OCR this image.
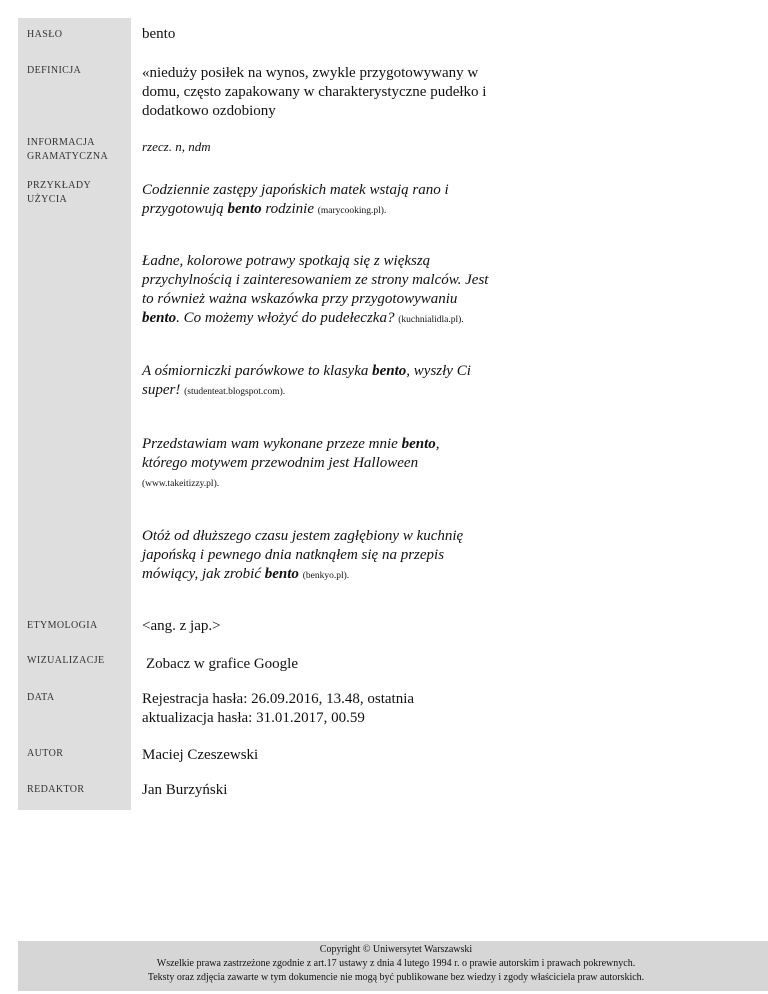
HASŁO
DEFINICJA
INFORMACJA
GRAMATYCZNA
PRZYKŁADY
UŻYCIA
ETYMOLOGIA
WIZUALIZACJE
DATA
AUTOR
REDAKTOR
bento
«niedużу posiłek na wynos, zwykle przygotowywany w domu, często zapakowany w charakterystyczne pudełko i dodatkowo ozdobiony
rzecz. n, ndm
Codziennie zastępy japońskich matek wstają rano i przygotowują bento rodzinie (marycooking.pl).
Ładne, kolorowe potrawy spotkają się z większą przychylnością i zainteresowaniem ze strony malców. Jest to również ważna wskazówka przy przygotowywaniu bento. Co możemy włożyć do pudełeczka? (kuchnialidla.pl).
A ośmiorniczki parówkowe to klasyka bento, wyszły Ci super! (studenteat.blogspot.com).
Przedstawiam wam wykonane przeze mnie bento, którego motywem przewodnim jest Halloween (www.takeitizzy.pl).
Otóż od dłuższego czasu jestem zagłębiony w kuchnię japońską i pewnego dnia natknąłem się na przepis mówiący, jak zrobić bento (benkyo.pl).
<ang. z jap.>
Zobacz w grafice Google
Rejestracja hasła: 26.09.2016, 13.48, ostatnia
aktualizacja hasła: 31.01.2017, 00.59
Maciej Czeszewski
Jan Burzyński
Copyright © Uniwersytet Warszawski
Wszelkie prawa zastrzeżone zgodnie z art.17 ustawy z dnia 4 lutego 1994 r. o prawie autorskim i prawach pokrewnych.
Teksty oraz zdjęcia zawarte w tym dokumencie nie mogą być publikowane bez wiedzy i zgody właściciela praw autorskich.
